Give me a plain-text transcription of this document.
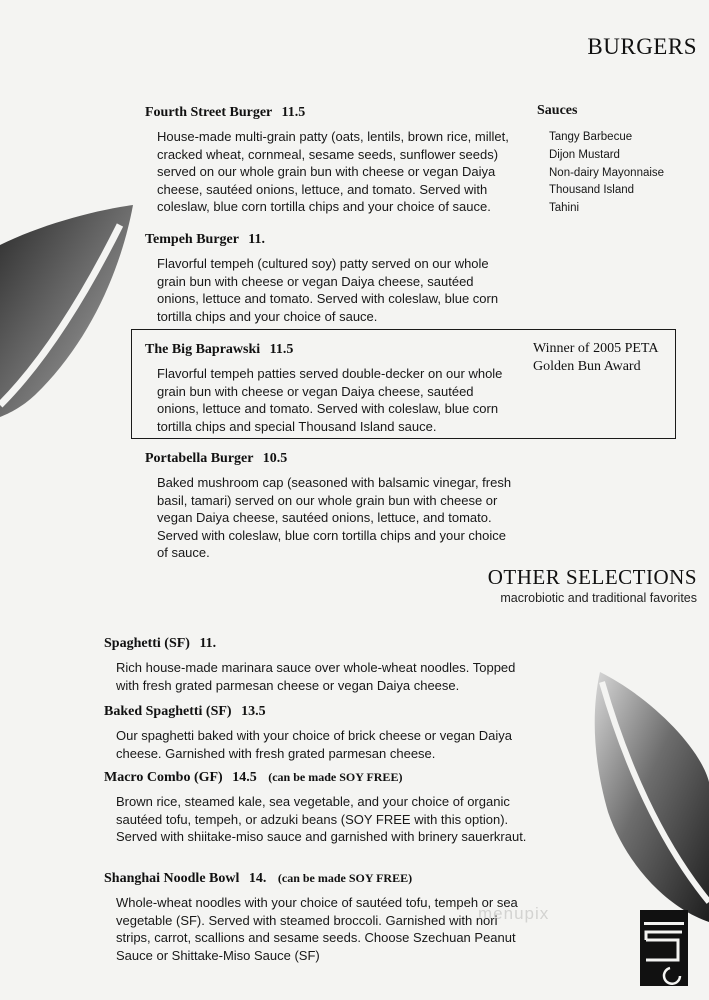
BURGERS
Sauces
Tangy Barbecue
Dijon Mustard
Non-dairy Mayonnaise
Thousand Island
Tahini
Fourth Street Burger 11.5
House-made multi-grain patty (oats, lentils, brown rice, millet, cracked wheat, cornmeal, sesame seeds, sunflower seeds) served on our whole grain bun with cheese or vegan Daiya cheese, sautéed onions, lettuce, and tomato. Served with coleslaw, blue corn tortilla chips and your choice of sauce.
Tempeh Burger 11.
Flavorful tempeh (cultured soy) patty served on our whole grain bun with cheese or vegan Daiya cheese, sautéed onions, lettuce and tomato. Served with coleslaw, blue corn tortilla chips and your choice of sauce.
The Big Baprawski 11.5
Flavorful tempeh patties served double-decker on our whole grain bun with cheese or vegan Daiya cheese, sautéed onions, lettuce and tomato. Served with coleslaw, blue corn tortilla chips and special Thousand Island sauce.
Winner of 2005 PETA Golden Bun Award
Portabella Burger 10.5
Baked mushroom cap (seasoned with balsamic vinegar, fresh basil, tamari) served on our whole grain bun with cheese or vegan Daiya cheese, sautéed onions, lettuce, and tomato. Served with coleslaw, blue corn tortilla chips and your choice of sauce.
OTHER SELECTIONS
macrobiotic and traditional favorites
Spaghetti (SF) 11.
Rich house-made marinara sauce over whole-wheat noodles. Topped with fresh grated parmesan cheese or vegan Daiya cheese.
Baked Spaghetti (SF) 13.5
Our spaghetti baked with your choice of brick cheese or vegan Daiya cheese. Garnished with fresh grated parmesan cheese.
Macro Combo (GF) 14.5 (can be made SOY FREE)
Brown rice, steamed kale, sea vegetable, and your choice of organic sautéed tofu, tempeh, or adzuki beans (SOY FREE with this option). Served with shiitake-miso sauce and garnished with brinery sauerkraut.
Shanghai Noodle Bowl 14. (can be made SOY FREE)
Whole-wheat noodles with your choice of sautéed tofu, tempeh or sea vegetable (SF). Served with steamed broccoli. Garnished with nori strips, carrot, scallions and sesame seeds. Choose Szechuan Peanut Sauce or Shittake-Miso Sauce (SF)
menupix
